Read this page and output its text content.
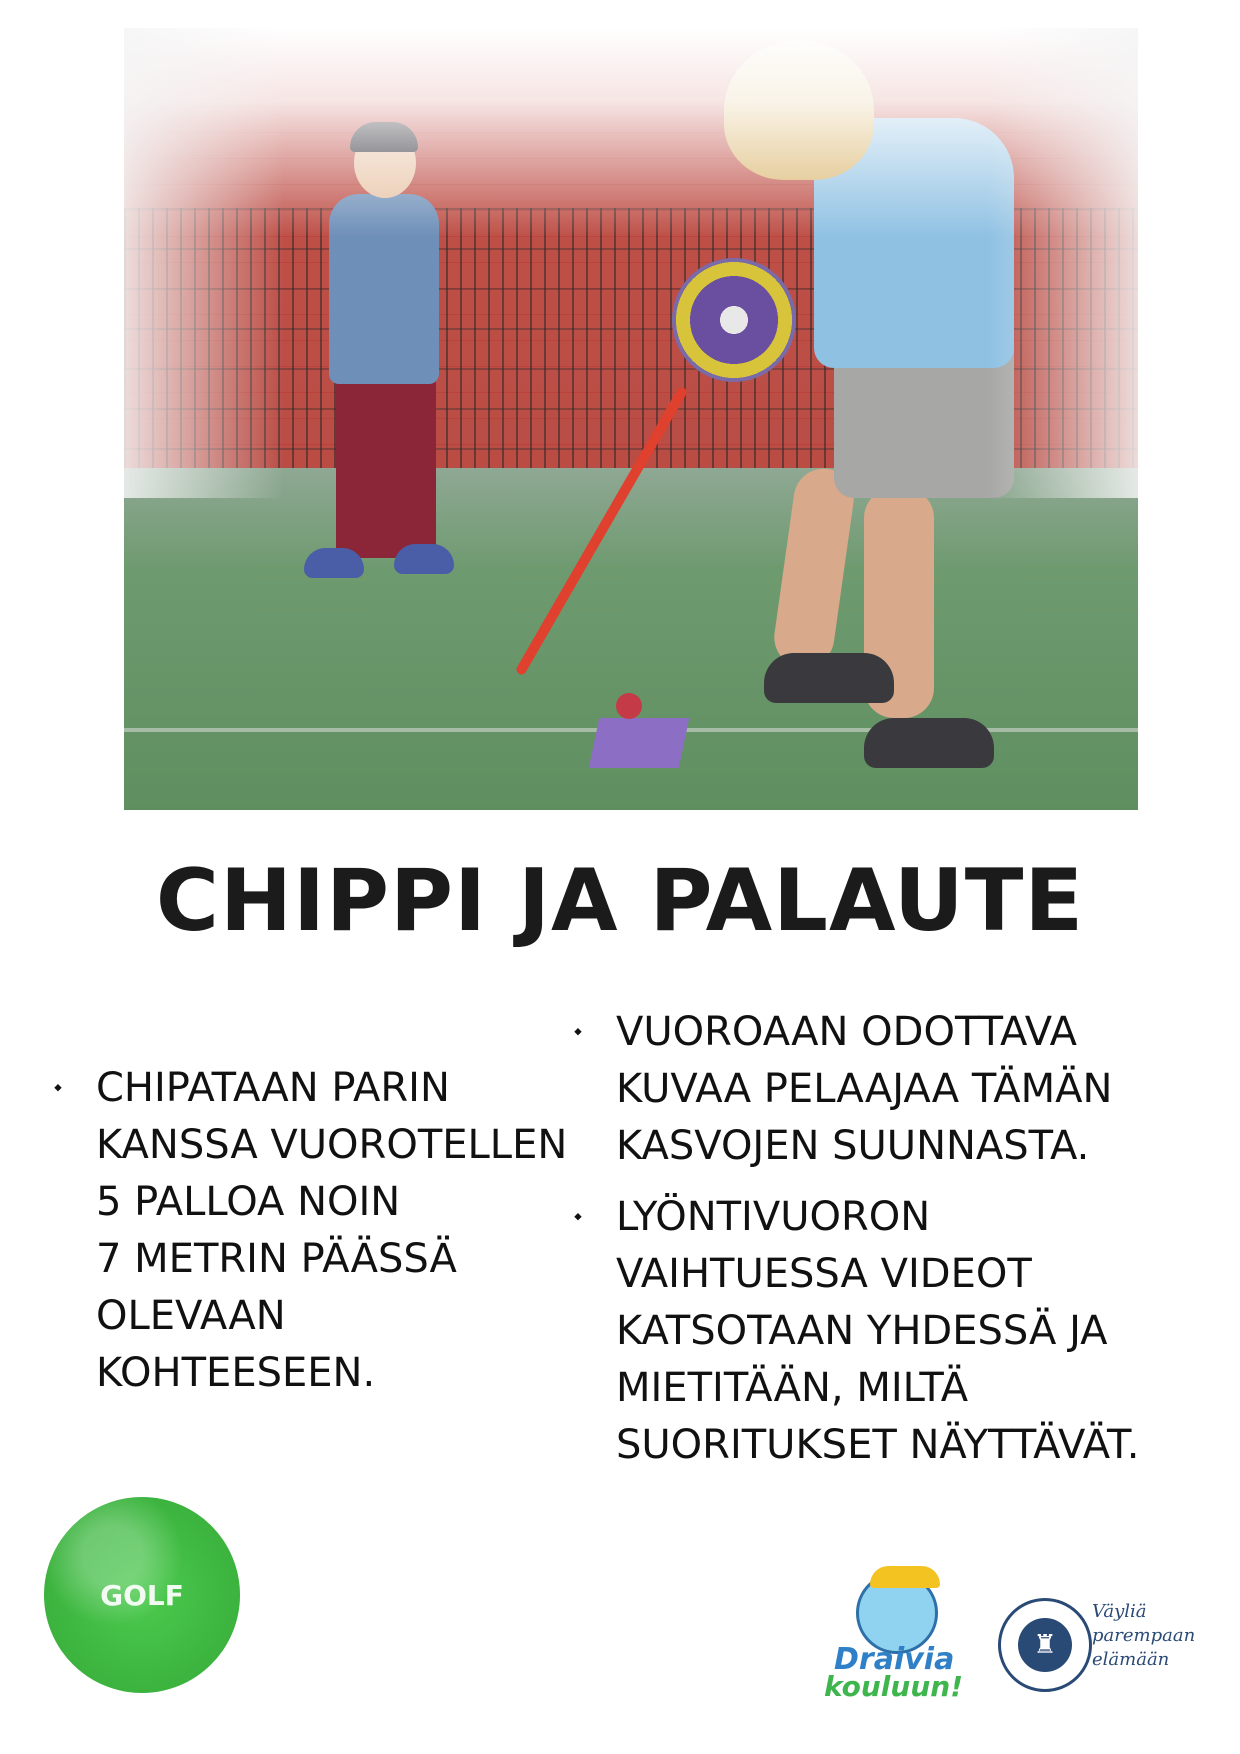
CHIPPI JA PALAUTE
⬩ CHIPATAAN PARIN
KANSSA VUOROTELLEN
5 PALLOA NOIN
7 METRIN PÄÄSSÄ
OLEVAAN
KOHTEESEEN.
⬩ VUOROAAN ODOTTAVA
KUVAA PELAAJAA TÄMÄN
KASVOJEN SUUNNASTA.
⬩ LYÖNTIVUORON
VAIHTUESSA VIDEOT
KATSOTAAN YHDESSÄ JA
MIETITÄÄN, MILTÄ
SUORITUKSET NÄYTTÄVÄT.
GOLF
Draivia
kouluun!
♜
Väyliä
parempaan
elämään
